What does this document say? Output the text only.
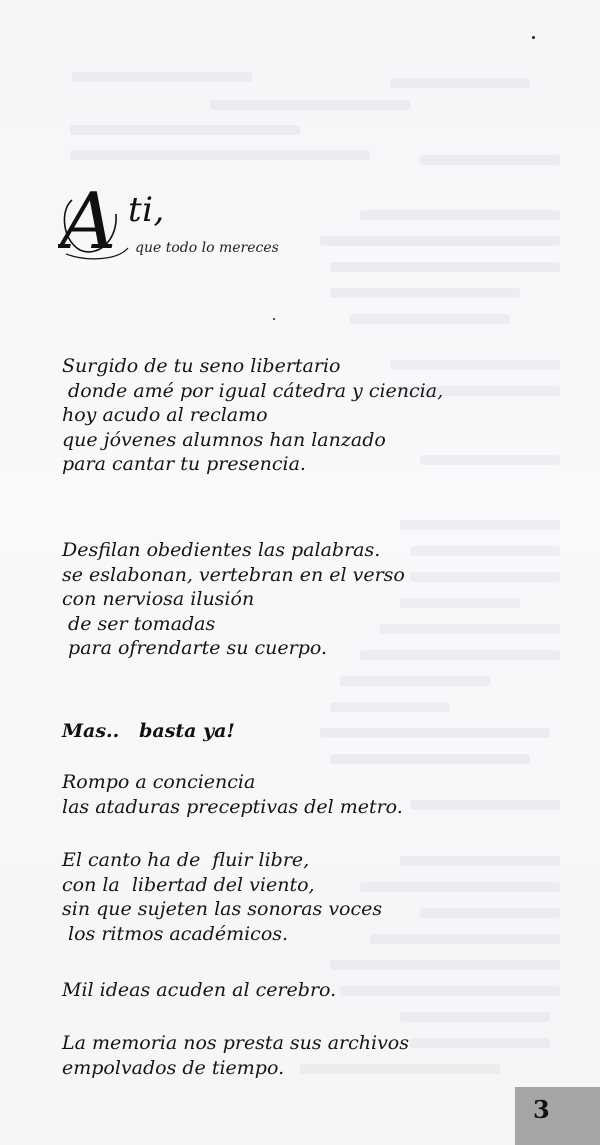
A ti,
que todo lo mereces
Surgido de tu seno libertario
donde amé por igual cátedra y ciencia,
hoy acudo al reclamo
que jóvenes alumnos han lanzado
para cantar tu presencia.
Desfilan obedientes las palabras.
se eslabonan, vertebran en el verso
con nerviosa ilusión
de ser tomadas
para ofrendarte su cuerpo.
Mas..   basta ya!
Rompo a conciencia
las ataduras preceptivas del metro.
El canto ha de  fluir libre,
con la  libertad del viento,
sin que sujeten las sonoras voces
los ritmos académicos.
Mil ideas acuden al cerebro.
La memoria nos presta sus archivos
empolvados de tiempo.
3
